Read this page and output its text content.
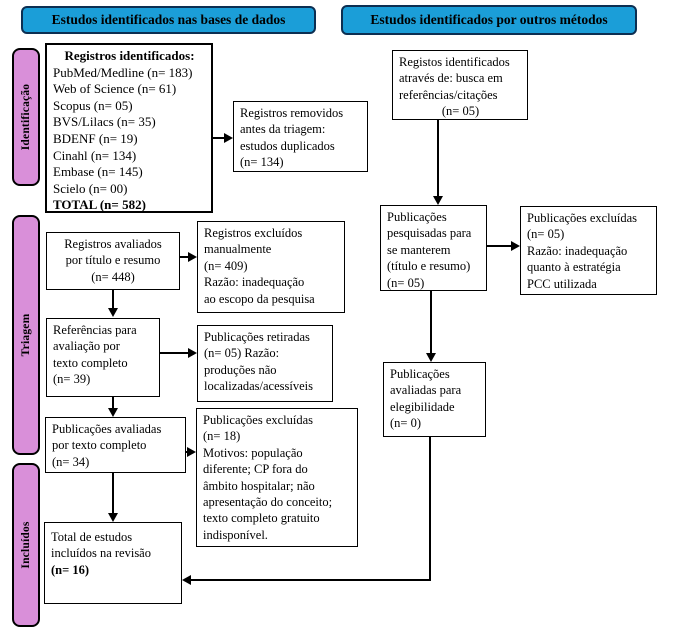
Estudos identificados nas bases de dados	Estudos identificados por outros métodos
Identificação
Triagem
Incluídos
Registros identificados:
PubMed/Medline (n= 183)
Web of Science (n= 61)
Scopus (n= 05)
BVS/Lilacs (n= 35)
BDENF (n= 19)
Cinahl (n= 134)
Embase (n= 145)
Scielo (n= 00)
TOTAL (n= 582)
Registros removidos
antes da triagem:
estudos duplicados
(n= 134)
Registros avaliados
por título e resumo
(n= 448)
Registros excluídos
manualmente
(n= 409)
Razão: inadequação
ao escopo da pesquisa
Referências para
avaliação por
texto completo
(n= 39)
Publicações retiradas
(n= 05) Razão:
produções não
localizadas/acessíveis
Publicações avaliadas
por texto completo
(n= 34)
Publicações excluídas
(n= 18)
Motivos: população
diferente; CP fora do
âmbito hospitalar; não
apresentação do conceito;
texto completo gratuito
indisponível.
Total de estudos
incluídos na revisão
(n= 16)
Registos identificados
através de: busca em
referências/citações
(n= 05)
Publicações
pesquisadas para
se manterem
(título e resumo)
(n= 05)
Publicações excluídas
(n= 05)
Razão: inadequação
quanto à estratégia
PCC utilizada
Publicações
avaliadas para
elegibilidade
(n= 0)
